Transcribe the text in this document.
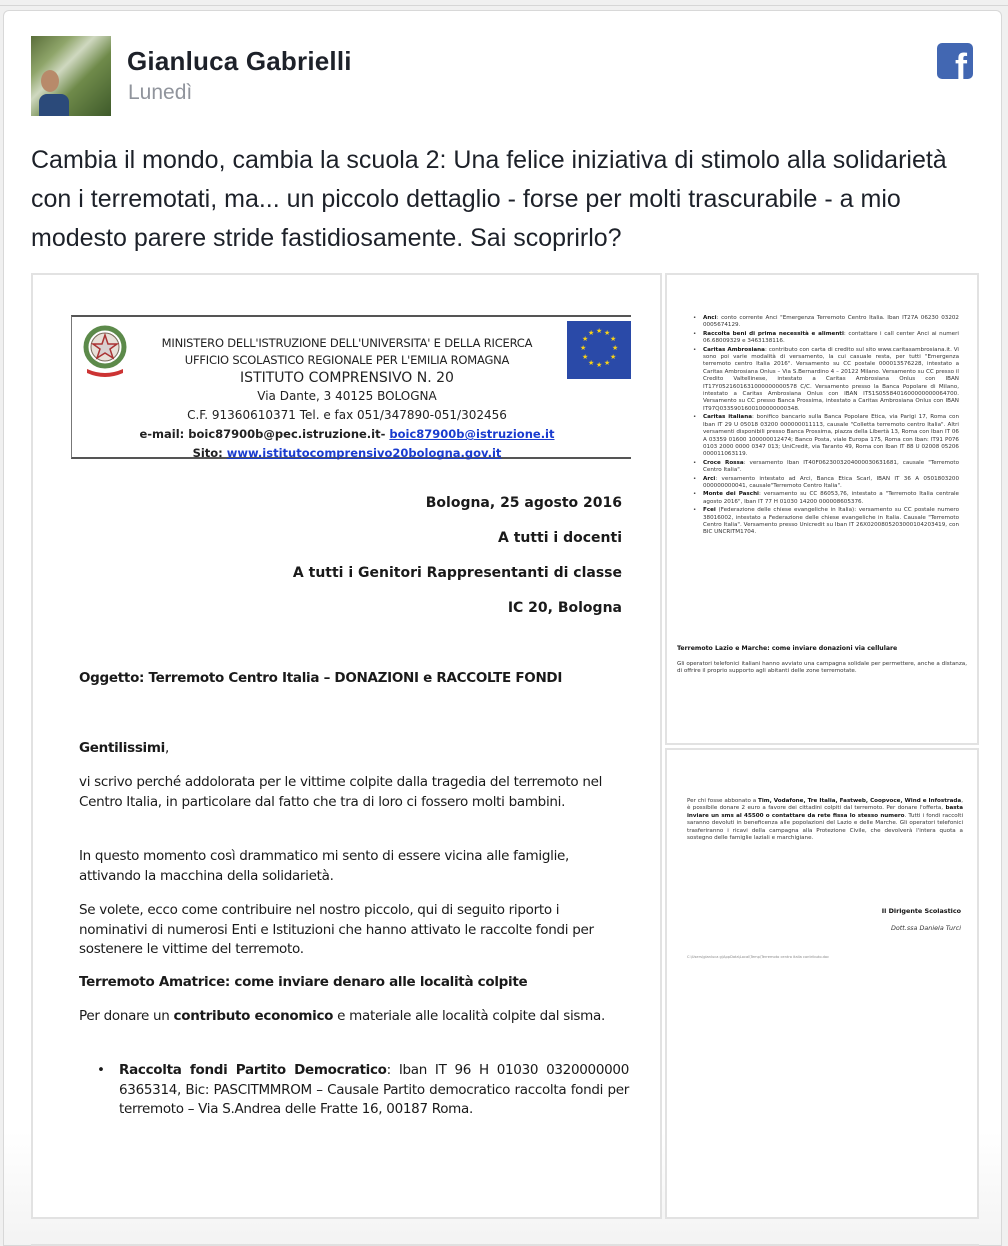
Gianluca Gabrielli
Lunedì
f
Cambia il mondo, cambia la scuola 2: Una felice iniziativa di stimolo alla solidarietà con i terremotati, ma... un piccolo dettaglio - forse per molti trascurabile - a mio modesto parere stride fastidiosamente. Sai scoprirlo?
MINISTERO DELL'ISTRUZIONE DELL'UNIVERSITA' E DELLA RICERCA
UFFICIO SCOLASTICO REGIONALE PER L'EMILIA ROMAGNA
ISTITUTO COMPRENSIVO N. 20
Via Dante, 3 40125 BOLOGNA
C.F. 91360610371 Tel. e fax 051/347890-051/302456
e-mail: boic87900b@pec.istruzione.it- boic87900b@istruzione.it
Sito: www.istitutocomprensivo20bologna.gov.it
★ ★
★
★
★
★
★
★
★
★
★
★
Bologna, 25 agosto 2016
A tutti i docenti
A tutti i Genitori Rappresentanti di classe
IC 20, Bologna
Oggetto: Terremoto Centro Italia – DONAZIONI e RACCOLTE FONDI
Gentilissimi,
vi scrivo perché addolorata per le vittime colpite dalla tragedia del terremoto nel Centro Italia, in particolare dal fatto che tra di loro ci fossero molti bambini.
In questo momento così drammatico mi sento di essere vicina alle famiglie, attivando la macchina della solidarietà.
Se volete, ecco come contribuire nel nostro piccolo, qui di seguito riporto i nominativi di numerosi Enti e Istituzioni che hanno attivato le raccolte fondi per sostenere le vittime del terremoto.
Terremoto Amatrice: come inviare denaro alle località colpite
Per donare un contributo economico e materiale alle località colpite dal sisma.
• Raccolta fondi Partito Democratico: Iban IT 96 H 01030 0320000000 6365314, Bic: PASCITMMROM – Causale Partito democratico raccolta fondi per terremoto – Via S.Andrea delle Fratte 16, 00187 Roma.
• Anci: conto corrente Anci "Emergenza Terremoto Centro Italia. Iban IT27A 06230 03202 0005674129.
• Raccolta beni di prima necessità e alimenti: contattare i call center Anci ai numeri 06.68009329 e 3463138116.
• Caritas Ambrosiana: contributo con carta di credito sul sito www.caritasambrosiana.it. Vi sono poi varie modalità di versamento, la cui casuale resta, per tutti "Emergenza terremoto centro Italia 2016". Versamento su CC postale 000013576228, intestato a Caritas Ambrosiana Onlus – Via S.Bernardino 4 – 20122 Milano. Versamento su CC presso il Credito Valtellinese, intestato a Caritas Ambrosiana Onlus con IBAN IT17Y0521601631000000000578 C/C. Versamento presso la Banca Popolare di Milano, intestato a Caritas Ambrosiana Onlus con IBAN IT51S0558401600000000064700. Versamento su CC presso Banca Prossima, intestato a Caritas Ambrosiana Onlus con IBAN IT97Q0335901600100000000348.
• Caritas italiana: bonifico bancario sulla Banca Popolare Etica, via Parigi 17, Roma con Iban IT 29 U 05018 03200 000000011113, causale "Colletta terremoto centro Italia". Altri versamenti disponibili presso Banca Prossima, piazza della Libertà 13, Roma con Iban IT 06 A 03359 01600 100000012474; Banco Posta, viale Europa 175, Roma con Iban: IT91 P076 0103 2000 0000 0347 013; UniCredit, via Taranto 49, Roma con Iban IT 88 U 02008 05206 000011063119.
• Croce Rossa: versamento Iban IT40F0623003204000030631681, causale "Terremoto Centro Italia".
• Arci: versamento intestato ad Arci, Banca Etica Scarl, IBAN IT 36 A 0501803200 000000000041, causale"Terremoto Centro Italia".
• Monte dei Paschi: versamento su CC 86053,76, intestato a "Terremoto Italia centrale agosto 2016", Iban IT 77 H 01030 14200 000008605376.
• Fcei (Federazione delle chiese evangeliche in Italia): versamento su CC postale numero 38016002, intestato a Federazione delle chiese evangeliche in Italia. Causale "Terremoto Centro Italia". Versamento presso Unicredit su Iban IT 26X0200805203000104203419, con BIC UNCRITM1704.
Terremoto Lazio e Marche: come inviare donazioni via cellulare
Gli operatori telefonici italiani hanno avviato una campagna solidale per permettere, anche a distanza, di offrire il proprio supporto agli abitanti delle zone terremotate.
Per chi fosse abbonato a Tim, Vodafone, Tre Italia, Fastweb, Coopvoce, Wind e Infostrada, è possibile donare 2 euro a favore dei cittadini colpiti dal terremoto. Per donare l'offerta, basta inviare un sms al 45500 o contattare da rete fissa lo stesso numero. Tutti i fondi raccolti saranno devoluti in beneficenza alle popolazioni del Lazio e delle Marche. Gli operatori telefonici trasferiranno i ricavi della campagna alla Protezione Civile, che devolverà l'intera quota a sostegno delle famiglie laziali e marchigiane.
Il Dirigente Scolastico
Dott.ssa Daniela Turci
C:\Users\gianluca g\AppData\Local\Temp\Terremoto centro italia contributo.doc
